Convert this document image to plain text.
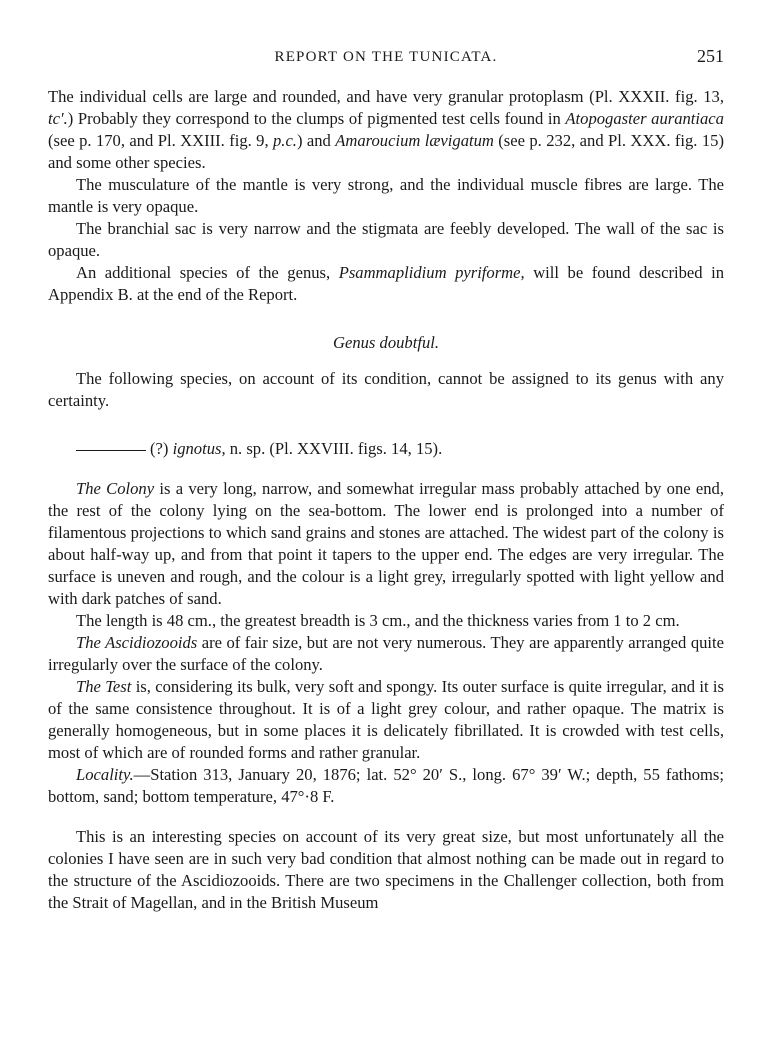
REPORT ON THE TUNICATA.	251

The individual cells are large and rounded, and have very granular protoplasm (Pl. XXXII. fig. 13, tc′.) Probably they correspond to the clumps of pigmented test cells found in Atopogaster aurantiaca (see p. 170, and Pl. XXIII. fig. 9, p.c.) and Amaroucium lævigatum (see p. 232, and Pl. XXX. fig. 15) and some other species.

The musculature of the mantle is very strong, and the individual muscle fibres are large. The mantle is very opaque.

The branchial sac is very narrow and the stigmata are feebly developed. The wall of the sac is opaque.

An additional species of the genus, Psammaplidium pyriforme, will be found described in Appendix B. at the end of the Report.

Genus doubtful.

The following species, on account of its condition, cannot be assigned to its genus with any certainty.

(?) ignotus, n. sp. (Pl. XXVIII. figs. 14, 15).

The Colony is a very long, narrow, and somewhat irregular mass probably attached by one end, the rest of the colony lying on the sea-bottom. The lower end is prolonged into a number of filamentous projections to which sand grains and stones are attached. The widest part of the colony is about half-way up, and from that point it tapers to the upper end. The edges are very irregular. The surface is uneven and rough, and the colour is a light grey, irregularly spotted with light yellow and with dark patches of sand.

The length is 48 cm., the greatest breadth is 3 cm., and the thickness varies from 1 to 2 cm.

The Ascidiozooids are of fair size, but are not very numerous. They are apparently arranged quite irregularly over the surface of the colony.

The Test is, considering its bulk, very soft and spongy. Its outer surface is quite irregular, and it is of the same consistence throughout. It is of a light grey colour, and rather opaque. The matrix is generally homogeneous, but in some places it is delicately fibrillated. It is crowded with test cells, most of which are of rounded forms and rather granular.

Locality.—Station 313, January 20, 1876; lat. 52° 20′ S., long. 67° 39′ W.; depth, 55 fathoms; bottom, sand; bottom temperature, 47°·8 F.

This is an interesting species on account of its very great size, but most unfortunately all the colonies I have seen are in such very bad condition that almost nothing can be made out in regard to the structure of the Ascidiozooids. There are two specimens in the Challenger collection, both from the Strait of Magellan, and in the British Museum
